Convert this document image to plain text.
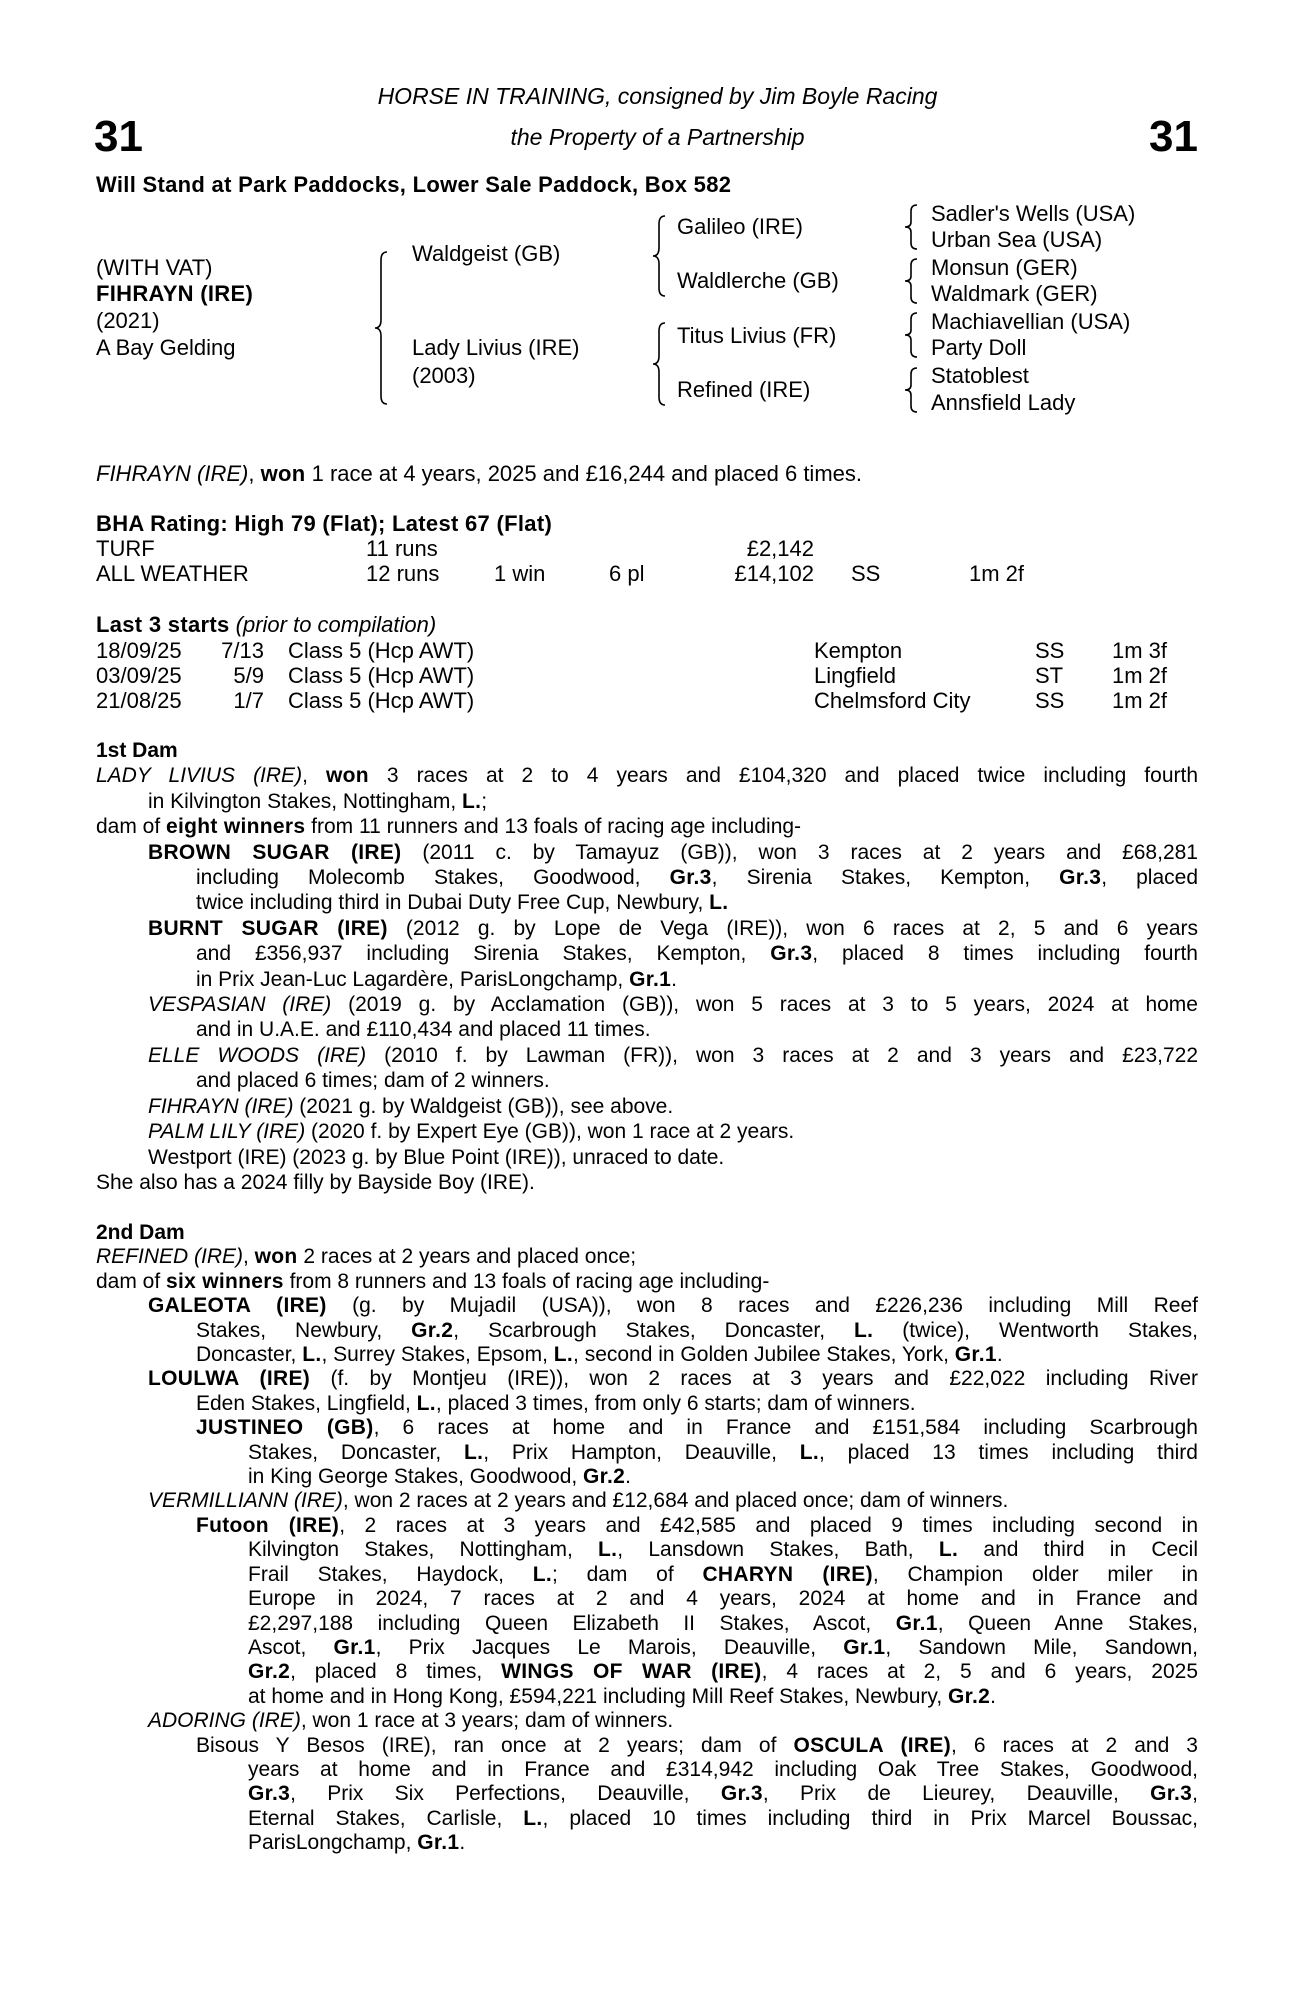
HORSE IN TRAINING, consigned by Jim Boyle Racing
the Property of a Partnership
31	31
Will Stand at Park Paddocks, Lower Sale Paddock, Box 582
(WITH VAT)
FIHRAYN (IRE)
(2021)
A Bay Gelding
Waldgeist (GB)
Lady Livius (IRE)
(2003)
Galileo (IRE)
Waldlerche (GB)
Titus Livius (FR)
Refined (IRE)
Sadler's Wells (USA)
Urban Sea (USA)
Monsun (GER)
Waldmark (GER)
Machiavellian (USA)
Party Doll
Statoblest
Annsfield Lady
FIHRAYN (IRE), won 1 race at 4 years, 2025 and £16,244 and placed 6 times.
BHA Rating: High 79 (Flat); Latest 67 (Flat)
TURF	11 runs	£2,142
ALL WEATHER	12 runs 1 win	6 pl	£14,102 SS	1m 2f
Last 3 starts (prior to compilation)
18/09/25	7/13 Class 5 (Hcp AWT)	Kempton	SS 1m 3f
03/09/25	5/9 Class 5 (Hcp AWT)	Lingfield	ST 1m 2f
21/08/25	1/7 Class 5 (Hcp AWT)	Chelmsford City	SS 1m 2f
1st Dam
LADY LIVIUS (IRE), won 3 races at 2 to 4 years and £104,320 and placed twice including fourth
in Kilvington Stakes, Nottingham, L.;
dam of eight winners from 11 runners and 13 foals of racing age including-
BROWN SUGAR (IRE) (2011 c. by Tamayuz (GB)), won 3 races at 2 years and £68,281
including Molecomb Stakes, Goodwood, Gr.3, Sirenia Stakes, Kempton, Gr.3, placed
twice including third in Dubai Duty Free Cup, Newbury, L.
BURNT SUGAR (IRE) (2012 g. by Lope de Vega (IRE)), won 6 races at 2, 5 and 6 years
and £356,937 including Sirenia Stakes, Kempton, Gr.3, placed 8 times including fourth
in Prix Jean-Luc Lagardère, ParisLongchamp, Gr.1.
VESPASIAN (IRE) (2019 g. by Acclamation (GB)), won 5 races at 3 to 5 years, 2024 at home
and in U.A.E. and £110,434 and placed 11 times.
ELLE WOODS (IRE) (2010 f. by Lawman (FR)), won 3 races at 2 and 3 years and £23,722
and placed 6 times; dam of 2 winners.
FIHRAYN (IRE) (2021 g. by Waldgeist (GB)), see above.
PALM LILY (IRE) (2020 f. by Expert Eye (GB)), won 1 race at 2 years.
Westport (IRE) (2023 g. by Blue Point (IRE)), unraced to date.
She also has a 2024 filly by Bayside Boy (IRE).
2nd Dam
REFINED (IRE), won 2 races at 2 years and placed once;
dam of six winners from 8 runners and 13 foals of racing age including-
GALEOTA (IRE) (g. by Mujadil (USA)), won 8 races and £226,236 including Mill Reef
Stakes, Newbury, Gr.2, Scarbrough Stakes, Doncaster, L. (twice), Wentworth Stakes,
Doncaster, L., Surrey Stakes, Epsom, L., second in Golden Jubilee Stakes, York, Gr.1.
LOULWA (IRE) (f. by Montjeu (IRE)), won 2 races at 3 years and £22,022 including River
Eden Stakes, Lingfield, L., placed 3 times, from only 6 starts; dam of winners.
JUSTINEO (GB), 6 races at home and in France and £151,584 including Scarbrough
Stakes, Doncaster, L., Prix Hampton, Deauville, L., placed 13 times including third
in King George Stakes, Goodwood, Gr.2.
VERMILLIANN (IRE), won 2 races at 2 years and £12,684 and placed once; dam of winners.
Futoon (IRE), 2 races at 3 years and £42,585 and placed 9 times including second in
Kilvington Stakes, Nottingham, L., Lansdown Stakes, Bath, L. and third in Cecil
Frail Stakes, Haydock, L.; dam of CHARYN (IRE), Champion older miler in
Europe in 2024, 7 races at 2 and 4 years, 2024 at home and in France and
£2,297,188 including Queen Elizabeth II Stakes, Ascot, Gr.1, Queen Anne Stakes,
Ascot, Gr.1, Prix Jacques Le Marois, Deauville, Gr.1, Sandown Mile, Sandown,
Gr.2, placed 8 times, WINGS OF WAR (IRE), 4 races at 2, 5 and 6 years, 2025
at home and in Hong Kong, £594,221 including Mill Reef Stakes, Newbury, Gr.2.
ADORING (IRE), won 1 race at 3 years; dam of winners.
Bisous Y Besos (IRE), ran once at 2 years; dam of OSCULA (IRE), 6 races at 2 and 3
years at home and in France and £314,942 including Oak Tree Stakes, Goodwood,
Gr.3, Prix Six Perfections, Deauville, Gr.3, Prix de Lieurey, Deauville, Gr.3,
Eternal Stakes, Carlisle, L., placed 10 times including third in Prix Marcel Boussac,
ParisLongchamp, Gr.1.
